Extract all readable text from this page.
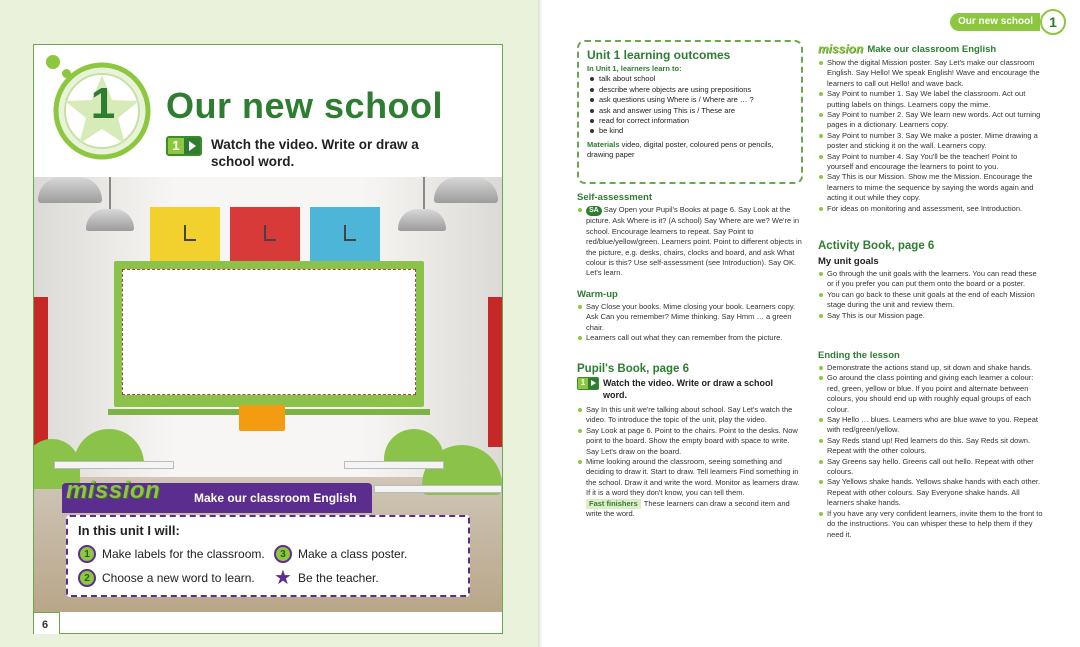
1	Our new school
1	Watch the video. Write or draw a school word.
mission	Make our classroom English
In this unit I will:
1	Make labels for the classroom.	3	Make a class poster.
2	Choose a new word to learn. ★ Be the teacher.
6
Our new school	1
Unit 1 learning outcomes
In Unit 1, learners learn to:
talk about school
describe where objects are using prepositions
ask questions using Where is / Where are … ?
ask and answer using This is / These are
read for correct information
be kind
Materials video, digital poster, coloured pens or pencils, drawing paper
Self-assessment
SA Say Open your Pupil's Books at page 6. Say Look at the picture. Ask Where is it? (A school) Say Where are we? We're in school. Encourage learners to repeat. Say Point to red/blue/yellow/green. Learners point. Point to different objects in the picture, e.g. desks, chairs, clocks and board, and ask What colour is this? Use self-assessment (see Introduction). Say OK. Let's learn.
Warm-up
Say Close your books. Mime closing your book. Learners copy. Ask Can you remember? Mime thinking. Say Hmm … a green chair.
Learners call out what they can remember from the picture.
Pupil's Book, page 6
1	Watch the video. Write or draw a school word.
Say In this unit we're talking about school. Say Let's watch the video. To introduce the topic of the unit, play the video.
Say Look at page 6. Point to the chairs. Point to the desks. Now point to the board. Show the empty board with space to write. Say Let's draw on the board.
Mime looking around the classroom, seeing something and deciding to draw it. Start to draw. Tell learners Find something in the school. Draw it and write the word. Monitor as learners draw. If it is a word they don't know, you can tell them.
Fast finishers These learners can draw a second item and write the word.
mission Make our classroom English
Show the digital Mission poster. Say Let's make our classroom English. Say Hello! We speak English! Wave and encourage the learners to call out Hello! and wave back.
Say Point to number 1. Say We label the classroom. Act out putting labels on things. Learners copy the mime.
Say Point to number 2. Say We learn new words. Act out turning pages in a dictionary. Learners copy.
Say Point to number 3. Say We make a poster. Mime drawing a poster and sticking it on the wall. Learners copy.
Say Point to number 4. Say You'll be the teacher! Point to yourself and encourage the learners to point to you.
Say This is our Mission. Show me the Mission. Encourage the learners to mime the sequence by saying the words again and acting it out while they copy.
For ideas on monitoring and assessment, see Introduction.
Activity Book, page 6
My unit goals
Go through the unit goals with the learners. You can read these or if you prefer you can put them onto the board or a poster.
You can go back to these unit goals at the end of each Mission stage during the unit and review them.
Say This is our Mission page.
Ending the lesson
Demonstrate the actions stand up, sit down and shake hands.
Go around the class pointing and giving each learner a colour: red, green, yellow or blue. If you point and alternate between colours, you should end up with roughly equal groups of each colour.
Say Hello … blues. Learners who are blue wave to you. Repeat with red/green/yellow.
Say Reds stand up! Red learners do this. Say Reds sit down. Repeat with the other colours.
Say Greens say hello. Greens call out hello. Repeat with other colours.
Say Yellows shake hands. Yellows shake hands with each other. Repeat with other colours. Say Everyone shake hands. All learners shake hands.
If you have any very confident learners, invite them to the front to do the instructions. You can whisper these to help them if they need it.
